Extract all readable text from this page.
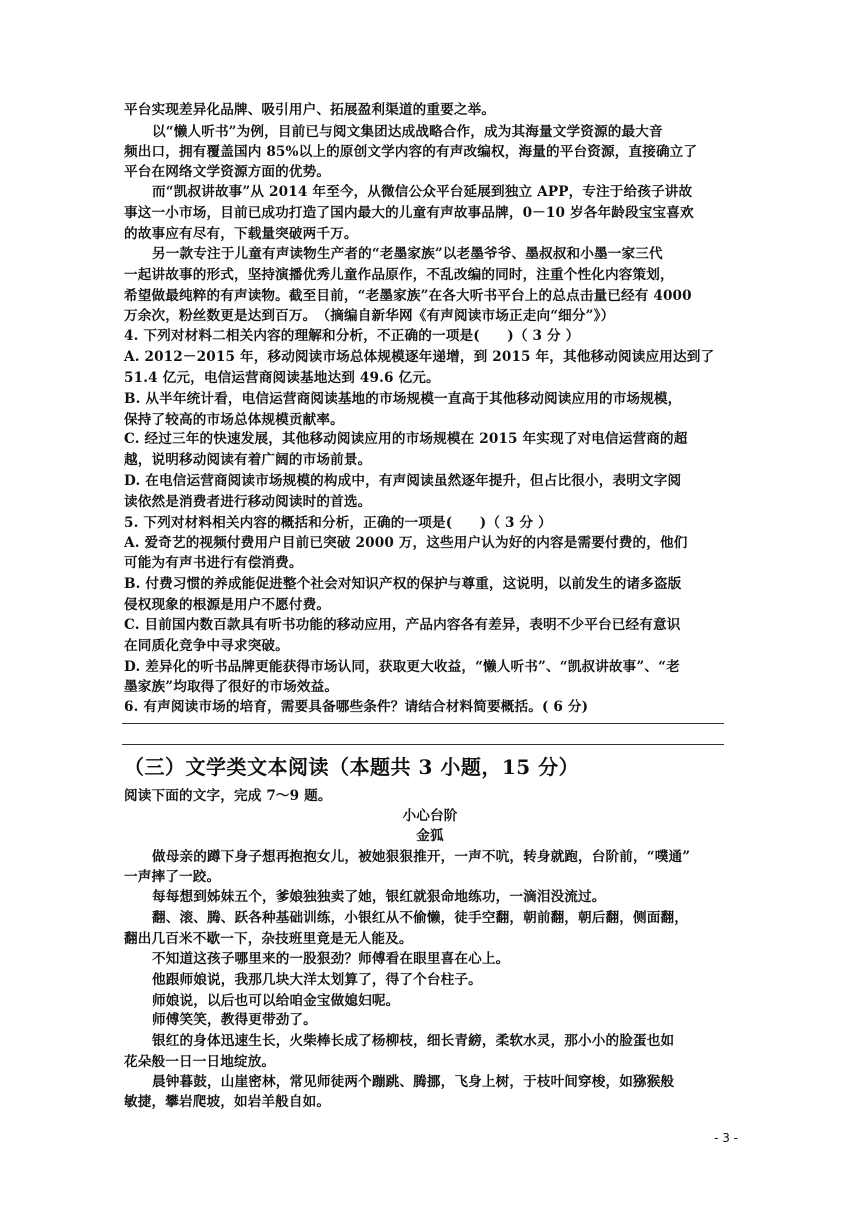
平台实现差异化品牌、吸引用户、拓展盈利渠道的重要之举。
以“懒人听书”为例，目前已与阅文集团达成战略合作，成为其海量文学资源的最大音
频出口，拥有覆盖国内 85%以上的原创文学内容的有声改编权，海量的平台资源，直接确立了
平台在网络文学资源方面的优势。
而“凯叔讲故事”从 2014 年至今，从微信公众平台延展到独立 APP，专注于给孩子讲故
事这一小市场，目前已成功打造了国内最大的儿童有声故事品牌，0－10 岁各年龄段宝宝喜欢
的故事应有尽有，下载量突破两千万。
另一款专注于儿童有声读物生产者的“老墨家族”以老墨爷爷、墨叔叔和小墨一家三代
一起讲故事的形式，坚持演播优秀儿童作品原作，不乱改编的同时，注重个性化内容策划，
希望做最纯粹的有声读物。截至目前，“老墨家族”在各大听书平台上的总点击量已经有 4000
万余次，粉丝数更是达到百万。　（摘编自新华网《有声阅读市场正走向“细分”》）
4. 下列对材料二相关内容的理解和分析，不正确的一项是(　　)（ 3 分 ）
A. 2012－2015 年，移动阅读市场总体规模逐年递增，到 2015 年，其他移动阅读应用达到了
51.4 亿元，电信运营商阅读基地达到 49.6 亿元。
B. 从半年统计看，电信运营商阅读基地的市场规模一直高于其他移动阅读应用的市场规模，
保持了较高的市场总体规模贡献率。
C. 经过三年的快速发展，其他移动阅读应用的市场规模在 2015 年实现了对电信运营商的超
越，说明移动阅读有着广阔的市场前景。
D. 在电信运营商阅读市场规模的构成中，有声阅读虽然逐年提升，但占比很小，表明文字阅
读依然是消费者进行移动阅读时的首选。
5. 下列对材料相关内容的概括和分析，正确的一项是(　　)（ 3 分 ）
A. 爱奇艺的视频付费用户目前已突破 2000 万，这些用户认为好的内容是需要付费的，他们
可能为有声书进行有偿消费。
B. 付费习惯的养成能促进整个社会对知识产权的保护与尊重，这说明，以前发生的诸多盗版
侵权现象的根源是用户不愿付费。
C. 目前国内数百款具有听书功能的移动应用，产品内容各有差异，表明不少平台已经有意识
在同质化竞争中寻求突破。
D. 差异化的听书品牌更能获得市场认同，获取更大收益，“懒人听书”、“凯叔讲故事”、“老
墨家族”均取得了很好的市场效益。
6. 有声阅读市场的培育，需要具备哪些条件？请结合材料简要概括。( 6 分)
（三）文学类文本阅读（本题共 3 小题，15 分）
阅读下面的文字，完成 7～9 题。
小心台阶
金狐
做母亲的蹲下身子想再抱抱女儿，被她狠狠推开，一声不吭，转身就跑，台阶前，“噗通”
一声摔了一跤。
每每想到姊妹五个，爹娘独独卖了她，银红就狠命地练功，一滴泪没流过。
翻、滚、腾、跃各种基础训练，小银红从不偷懒，徒手空翻，朝前翻，朝后翻，侧面翻，
翻出几百米不歇一下，杂技班里竟是无人能及。
不知道这孩子哪里来的一股狠劲？师傅看在眼里喜在心上。
他跟师娘说，我那几块大洋太划算了，得了个台柱子。
师娘说，以后也可以给咱金宝做媳妇呢。
师傅笑笑，教得更带劲了。
银红的身体迅速生长，火柴棒长成了杨柳枝，细长青縍，柔软水灵，那小小的脸蛋也如
花朵般一日一日地绽放。
晨钟暮鼓，山崖密林，常见师徒两个蹦跳、腾挪，飞身上树，于枝叶间穿梭，如猕猴般
敏捷，攀岩爬坡，如岩羊般自如。
- 3 -
